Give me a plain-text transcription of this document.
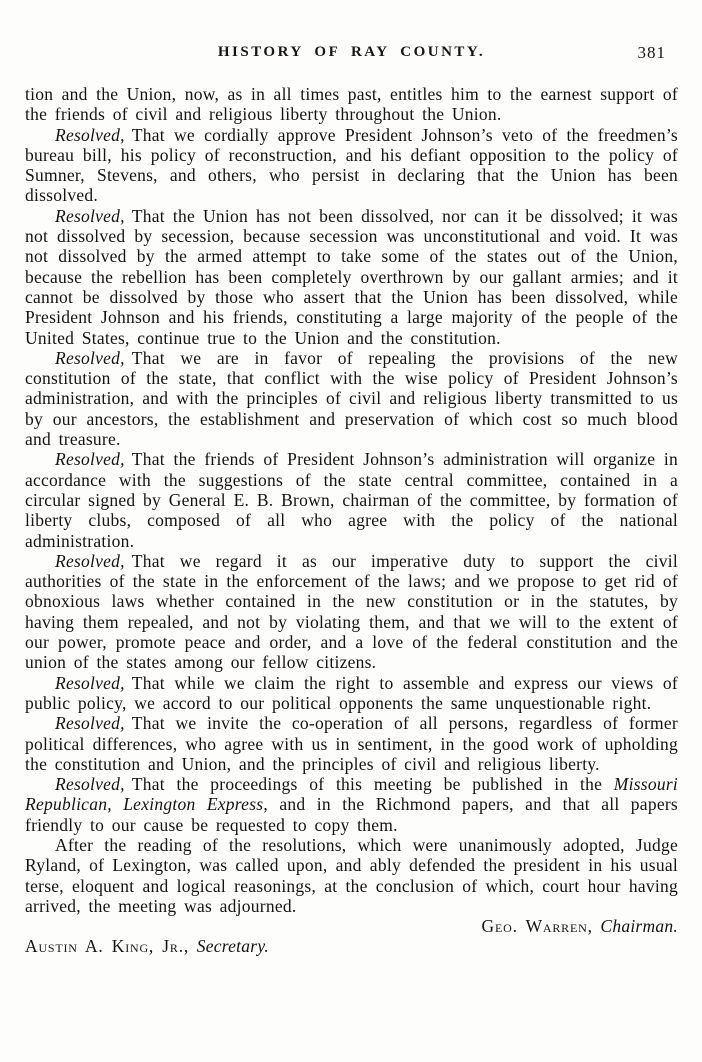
HISTORY OF RAY COUNTY.	381

tion and the Union, now, as in all times past, entitles him to the earnest support of the friends of civil and religious liberty throughout the Union.

Resolved, That we cordially approve President Johnson’s veto of the freedmen’s bureau bill, his policy of reconstruction, and his defiant opposition to the policy of Sumner, Stevens, and others, who persist in declaring that the Union has been dissolved.

Resolved, That the Union has not been dissolved, nor can it be dissolved; it was not dissolved by secession, because secession was unconstitutional and void. It was not dissolved by the armed attempt to take some of the states out of the Union, because the rebellion has been completely overthrown by our gallant armies; and it cannot be dissolved by those who assert that the Union has been dissolved, while President Johnson and his friends, constituting a large majority of the people of the United States, continue true to the Union and the constitution.

Resolved, That we are in favor of repealing the provisions of the new constitution of the state, that conflict with the wise policy of President Johnson’s administration, and with the principles of civil and religious liberty transmitted to us by our ancestors, the establishment and preservation of which cost so much blood and treasure.

Resolved, That the friends of President Johnson’s administration will organize in accordance with the suggestions of the state central committee, contained in a circular signed by General E. B. Brown, chairman of the committee, by formation of liberty clubs, composed of all who agree with the policy of the national administration.

Resolved, That we regard it as our imperative duty to support the civil authorities of the state in the enforcement of the laws; and we propose to get rid of obnoxious laws whether contained in the new constitution or in the statutes, by having them repealed, and not by violating them, and that we will to the extent of our power, promote peace and order, and a love of the federal constitution and the union of the states among our fellow citizens.

Resolved, That while we claim the right to assemble and express our views of public policy, we accord to our political opponents the same unquestionable right.

Resolved, That we invite the co-operation of all persons, regardless of former political differences, who agree with us in sentiment, in the good work of upholding the constitution and Union, and the principles of civil and religious liberty.

Resolved, That the proceedings of this meeting be published in the Missouri Republican, Lexington Express, and in the Richmond papers, and that all papers friendly to our cause be requested to copy them.

After the reading of the resolutions, which were unanimously adopted, Judge Ryland, of Lexington, was called upon, and ably defended the president in his usual terse, eloquent and logical reasonings, at the conclusion of which, court hour having arrived, the meeting was adjourned.

Geo. Warren, Chairman.

Austin A. King, Jr., Secretary.
